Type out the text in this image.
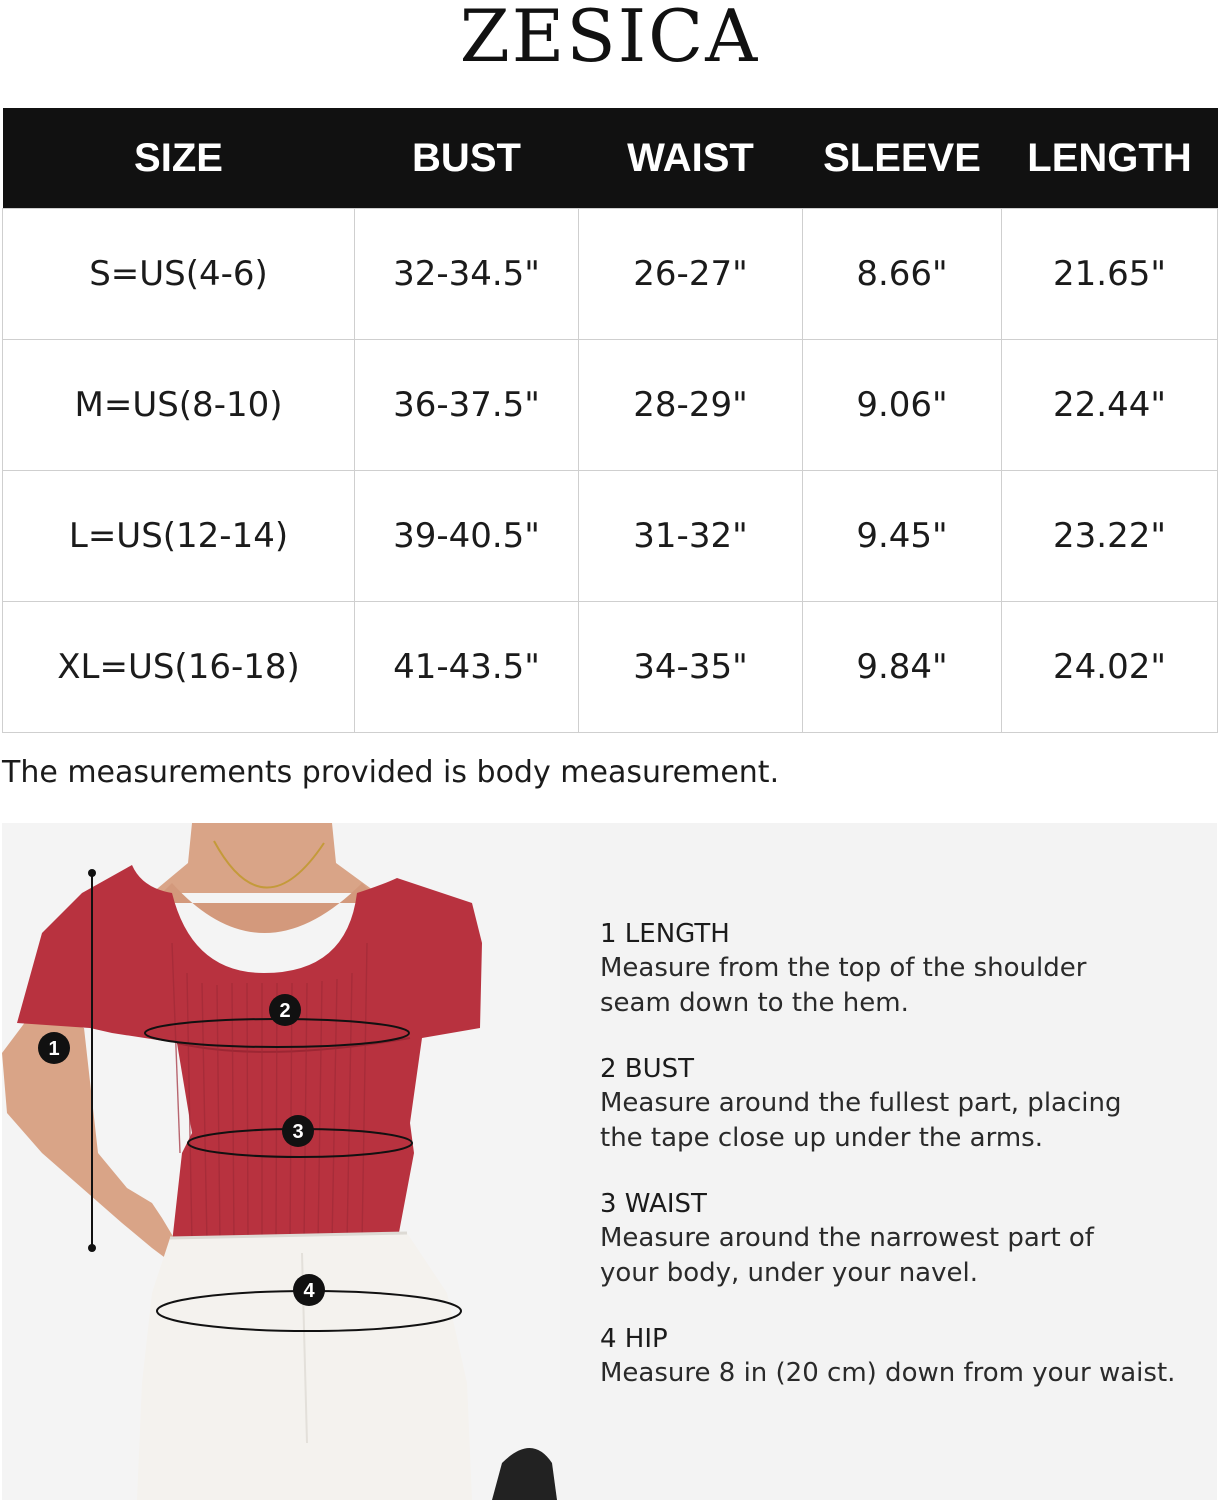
ZESICA
SIZE	BUST	WAIST	SLEEVE	LENGTH
S=US(4-6)	32-34.5"	26-27"	8.66"	21.65"
M=US(8-10)	36-37.5"	28-29"	9.06"	22.44"
L=US(12-14)	39-40.5"	31-32"	9.45"	23.22"
XL=US(16-18)	41-43.5"	34-35"	9.84"	24.02"
The measurements provided is body measurement.
1
2
3
4
1 LENGTH
Measure from the top of the shoulder
seam down to the hem.
2 BUST
Measure around the fullest part, placing
the tape close up under the arms.
3 WAIST
Measure around the narrowest part of
your body, under your navel.
4 HIP
Measure 8 in (20 cm) down from your waist.
